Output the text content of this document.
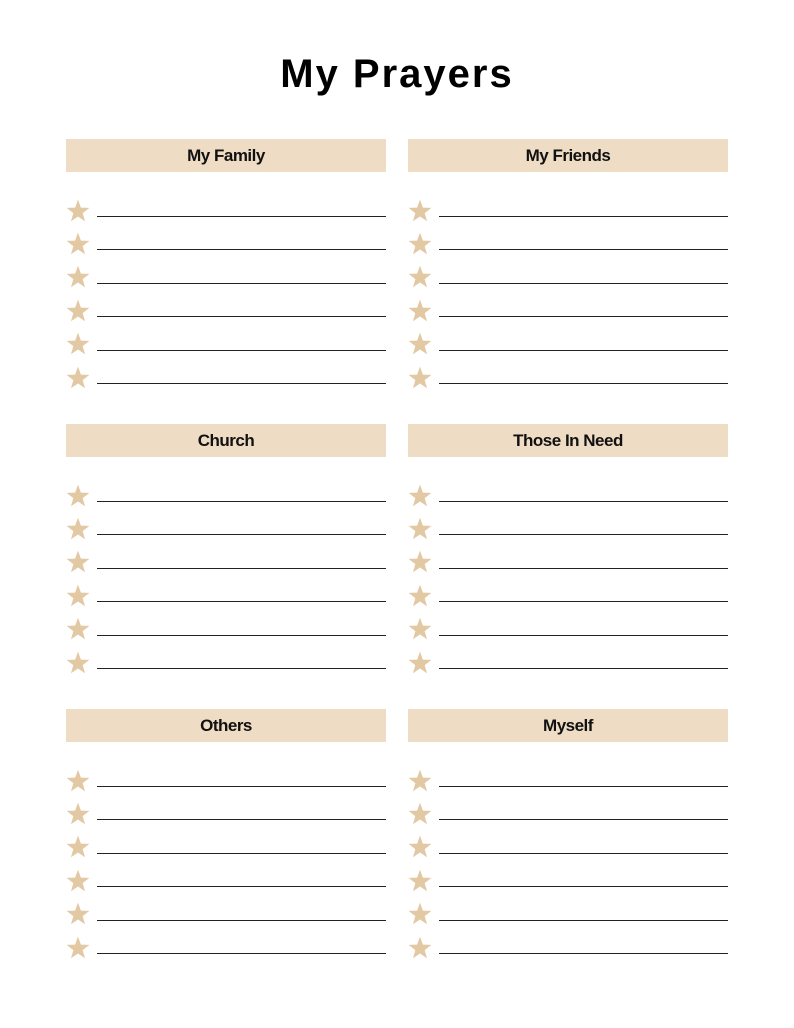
My Prayers
My Family	My Friends
Church	Those In Need
Others	Myself
